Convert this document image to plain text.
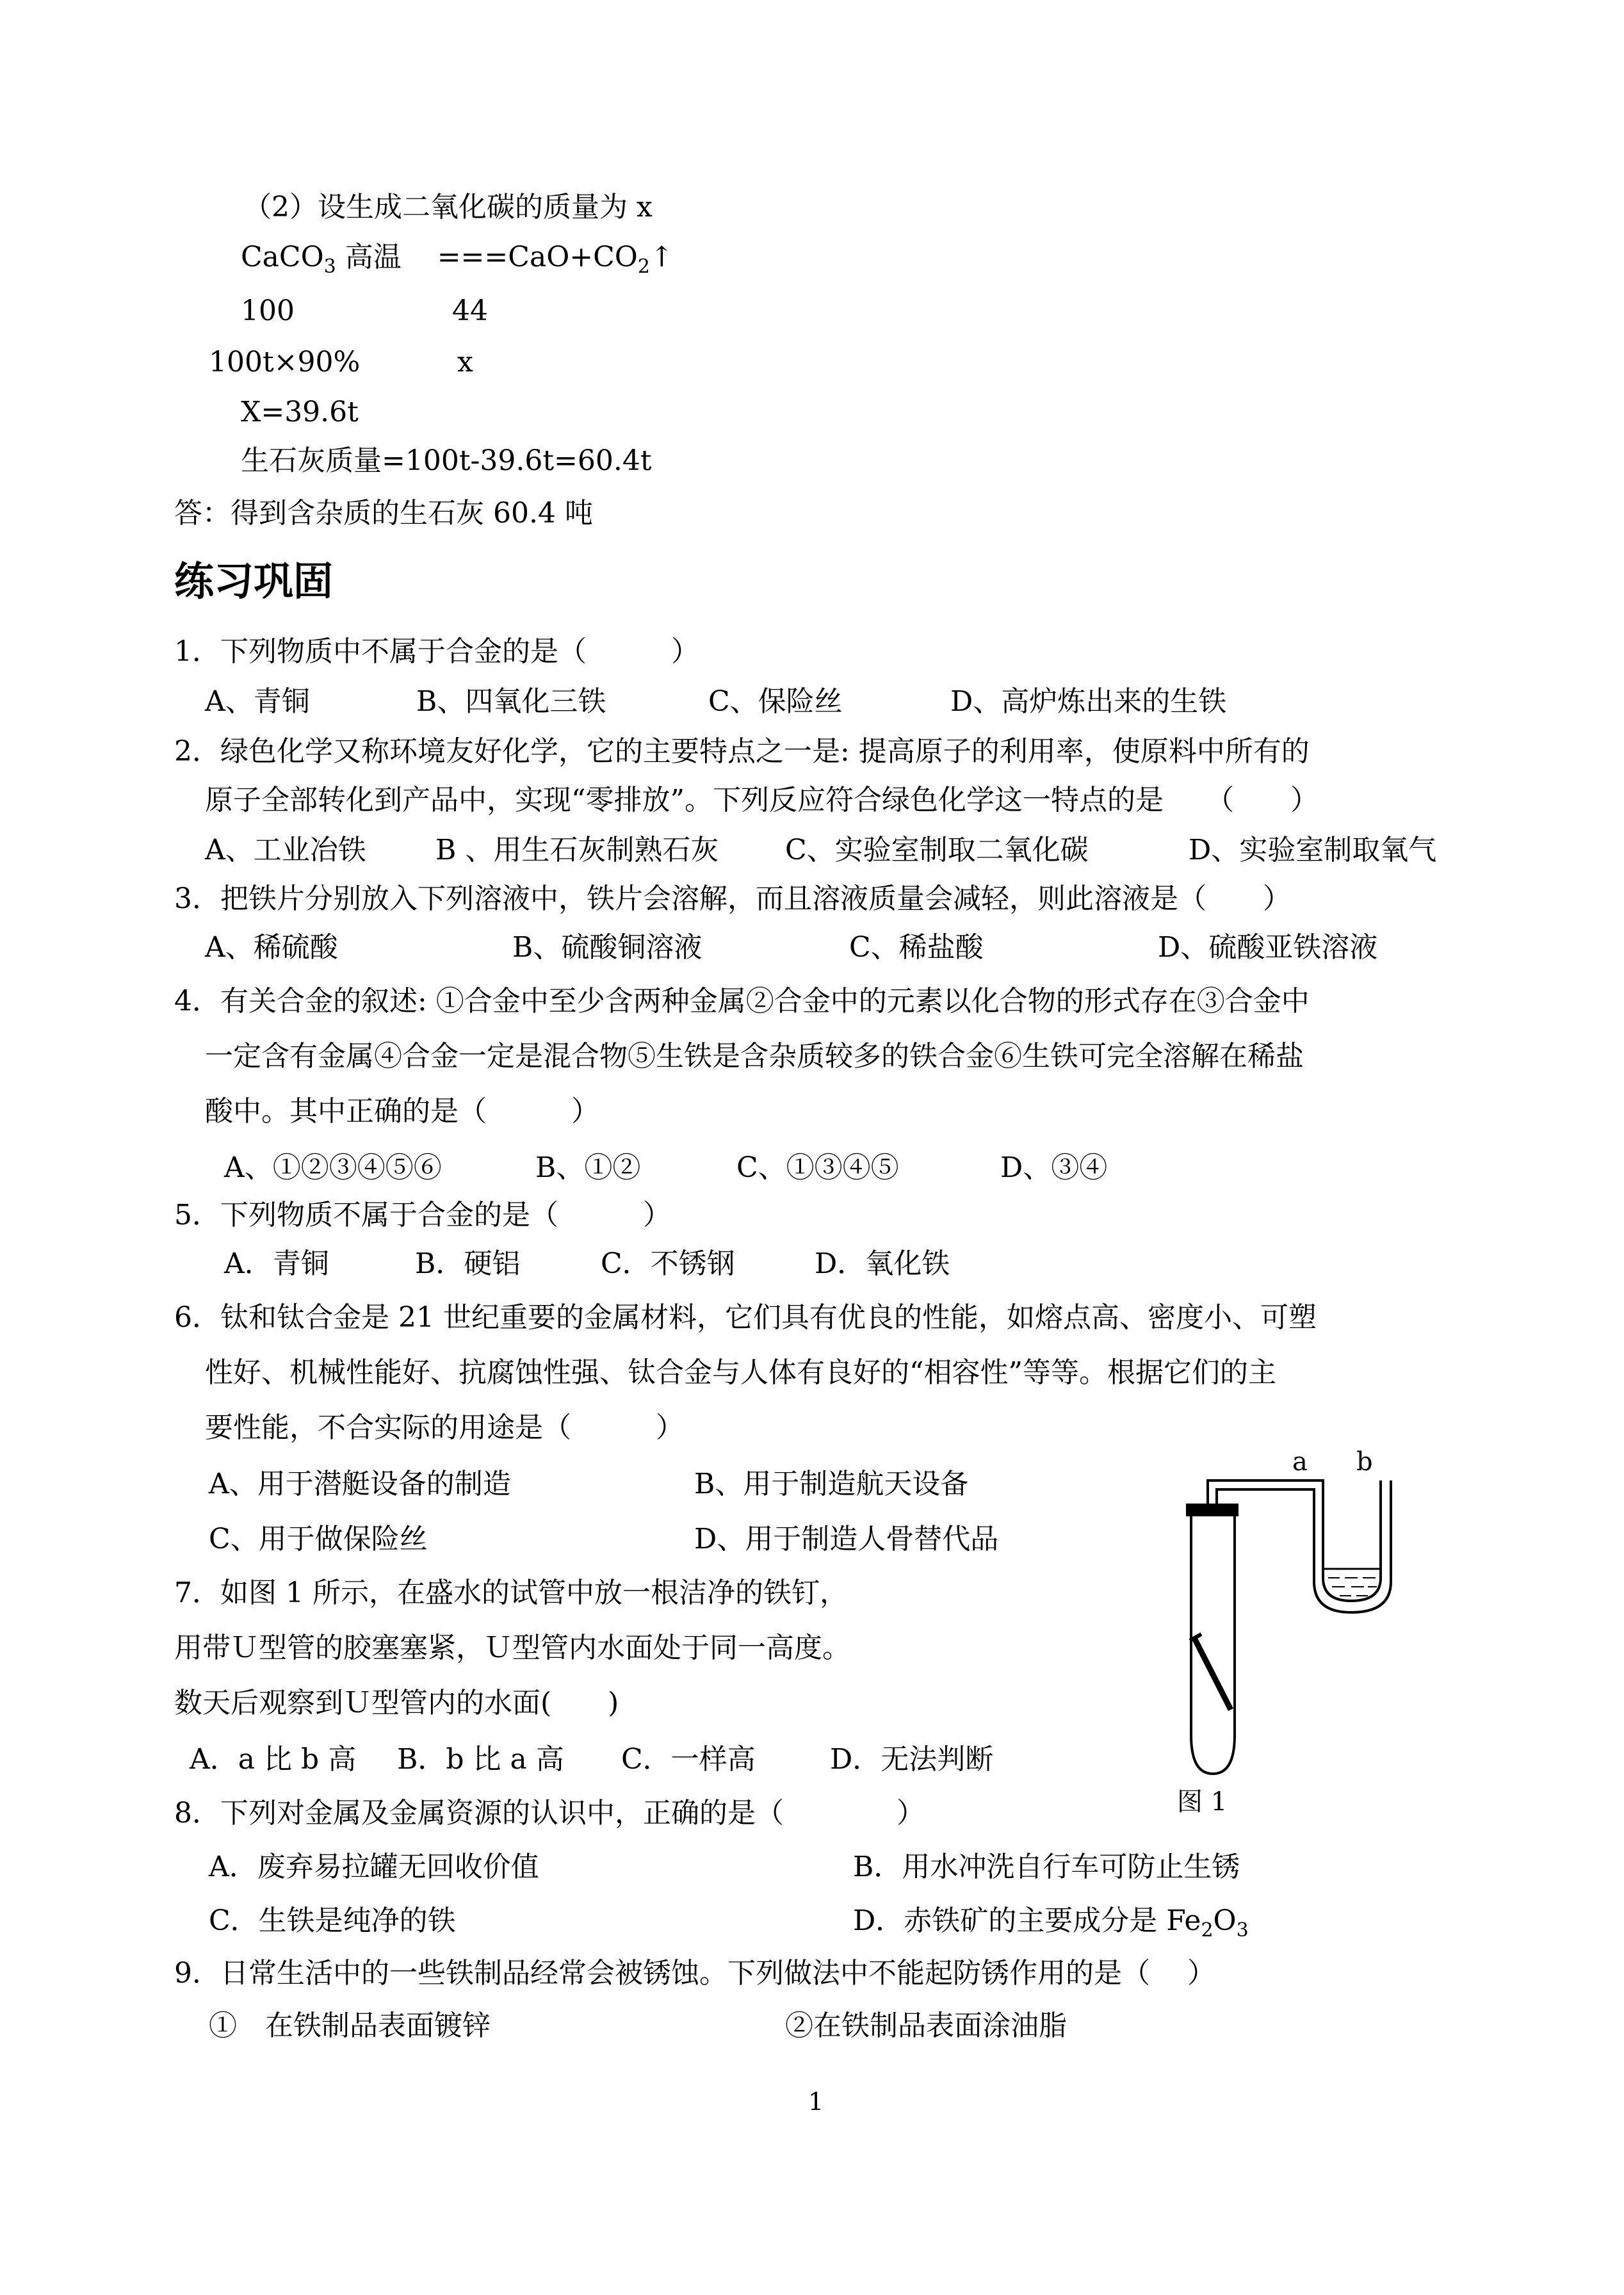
（2）设生成二氧化碳的质量为 x
CaCO$_3$ 高温    $===CaO+CO_2↑$
100	44
100t×90%	x
X=39.6t
生石灰质量=100t-39.6t=60.4t
答：得到含杂质的生石灰 60.4 吨
练习巩固
1．下列物质中不属于合金的是（　　　）
A、青铜	B、四氧化三铁	C、保险丝	D、高炉炼出来的生铁
2．绿色化学又称环境友好化学，它的主要特点之一是: 提高原子的利用率，使原料中所有的
原子全部转化到产品中，实现“零排放”。下列反应符合绿色化学这一特点的是　　（　　）
A、工业冶铁 B 、用生石灰制熟石灰 C、实验室制取二氧化碳	D、实验室制取氧气
3．把铁片分别放入下列溶液中，铁片会溶解，而且溶液质量会减轻，则此溶液是（　　）
A、稀硫酸	B、硫酸铜溶液	C、稀盐酸	D、硫酸亚铁溶液
4．有关合金的叙述: ①合金中至少含两种金属②合金中的元素以化合物的形式存在③合金中
一定含有金属④合金一定是混合物⑤生铁是含杂质较多的铁合金⑥生铁可完全溶解在稀盐
酸中。其中正确的是（　　　）
A、①②③④⑤⑥	B、①②	C、①③④⑤	D、③④
5．下列物质不属于合金的是（　　　）
A．青铜	B．硬铝	C．不锈钢	D．氧化铁
6．钛和钛合金是 21 世纪重要的金属材料，它们具有优良的性能，如熔点高、密度小、可塑
性好、机械性能好、抗腐蚀性强、钛合金与人体有良好的“相容性”等等。根据它们的主
要性能，不合实际的用途是（　　　）
A、用于潜艇设备的制造	B、用于制造航天设备
C、用于做保险丝	D、用于制造人骨替代品
7．如图 1 所示，在盛水的试管中放一根洁净的铁钉，
用带Ｕ型管的胶塞塞紧，Ｕ型管内水面处于同一高度。
数天后观察到Ｕ型管内的水面(　　)
A．a 比 b 高 B．b 比 a 高 C．一样高	D．无法判断
a b
图 1
8．下列对金属及金属资源的认识中，正确的是（　　　　）
A．废弃易拉罐无回收价值	B．用水冲洗自行车可防止生锈
C．生铁是纯净的铁	D．赤铁矿的主要成分是 $Fe_2O_3$
9．日常生活中的一些铁制品经常会被锈蚀。下列做法中不能起防锈作用的是（　 ）
①　在铁制品表面镀锌	②在铁制品表面涂油脂
1
